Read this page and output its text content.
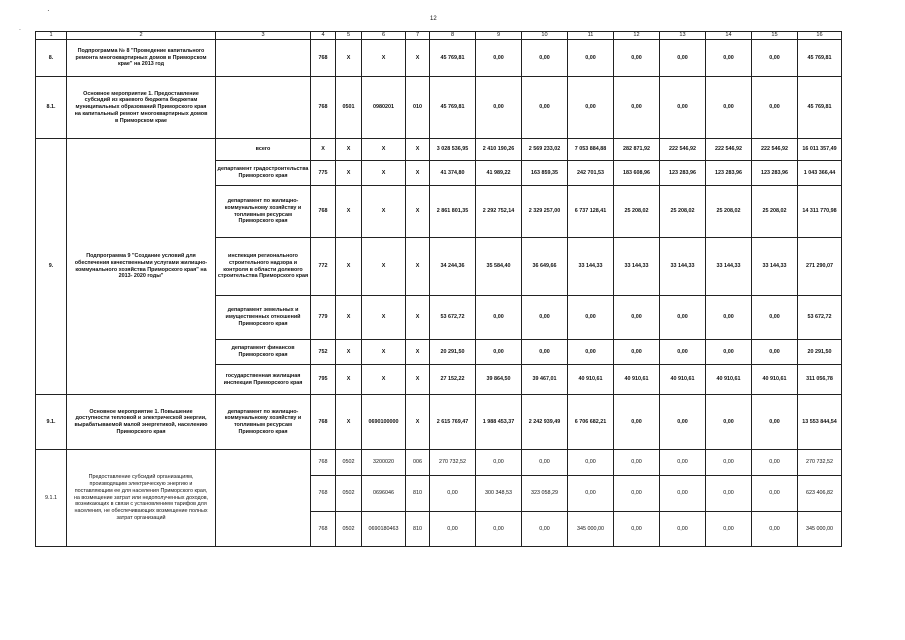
12
·
˙	1	2	3	4	5	6	7	8	9	10	11	12	13	14	15	16
8.	Подпрограмма № 8 "Проведение капитального ремонта многоквартирных домов в Приморском крае" на 2013 год		768	X	X	X	45 769,81	0,00	0,00	0,00	0,00	0,00	0,00	0,00	45 769,81
8.1.	Основное мероприятие 1. Предоставление субсидий из краевого бюджета бюджетам муниципальных образований Приморского края на капитальный ремонт многоквартирных домов в Приморском крае		768	0501	0980201	010	45 769,81	0,00	0,00	0,00	0,00	0,00	0,00	0,00	45 769,81
9.	Подпрограмма 9 "Создание условий для обеспечения качественными услугами жилищно-коммунального хозяйства Приморского края" на 2013- 2020 годы"	всего	X	X	X	X	3 028 536,95	2 410 190,26	2 569 233,02	7 053 884,88	282 871,92	222 546,92	222 546,92	222 546,92	16 011 357,49
		департамент градостроительства Приморского края	775	X	X	X	41 374,80	41 989,22	163 859,35	242 701,53	183 608,96	123 283,96	123 283,96	123 283,96	1 043 366,44
		департамент по жилищно-коммунальному хозяйству и топливным ресурсам Приморского края	768	X	X	X	2 861 801,35	2 292 752,14	2 329 257,00	6 737 128,41	25 208,02	25 208,02	25 208,02	25 208,02	14 311 770,98
		инспекция регионального строительного надзора и контроля в области долевого строительства Приморского края	772	X	X	X	34 244,36	35 584,40	36 649,66	33 144,33	33 144,33	33 144,33	33 144,33	33 144,33	271 290,07
		департамент земельных и имущественных отношений Приморского края	779	X	X	X	53 672,72	0,00	0,00	0,00	0,00	0,00	0,00	0,00	53 672,72
		департамент финансов Приморского края	752	X	X	X	20 291,50	0,00	0,00	0,00	0,00	0,00	0,00	0,00	20 291,50
		государственная жилищная инспекция Приморского края	795	X	X	X	27 152,22	39 864,50	39 467,01	40 910,61	40 910,61	40 910,61	40 910,61	40 910,61	311 056,78
9.1.	Основное мероприятие 1. Повышение доступности тепловой и электрической энергии, вырабатываемой малой энергетикой, населению Приморского края	департамент по жилищно-коммунальному хозяйству и топливным ресурсам Приморского края	768	X	0690100000	X	2 615 769,47	1 988 453,37	2 242 939,49	6 706 682,21	0,00	0,00	0,00	0,00	13 553 844,54
9.1.1	Предоставление субсидий организациям, производящим электрическую энергию и поставляющим ее для населения Приморского края, на возмещение затрат или недополученных доходов, возникающих в связи с установлением тарифов для населения, не обеспечивающих возмещение полных затрат организаций		768	0502	3200020	006	270 732,52	0,00	0,00	0,00	0,00	0,00	0,00	0,00	270 732,52
			768	0502	0696046	810	0,00	300 348,53	323 058,29	0,00	0,00	0,00	0,00	0,00	623 406,82
			768	0502	0690180463	810	0,00	0,00	0,00	345 000,00	0,00	0,00	0,00	0,00	345 000,00
